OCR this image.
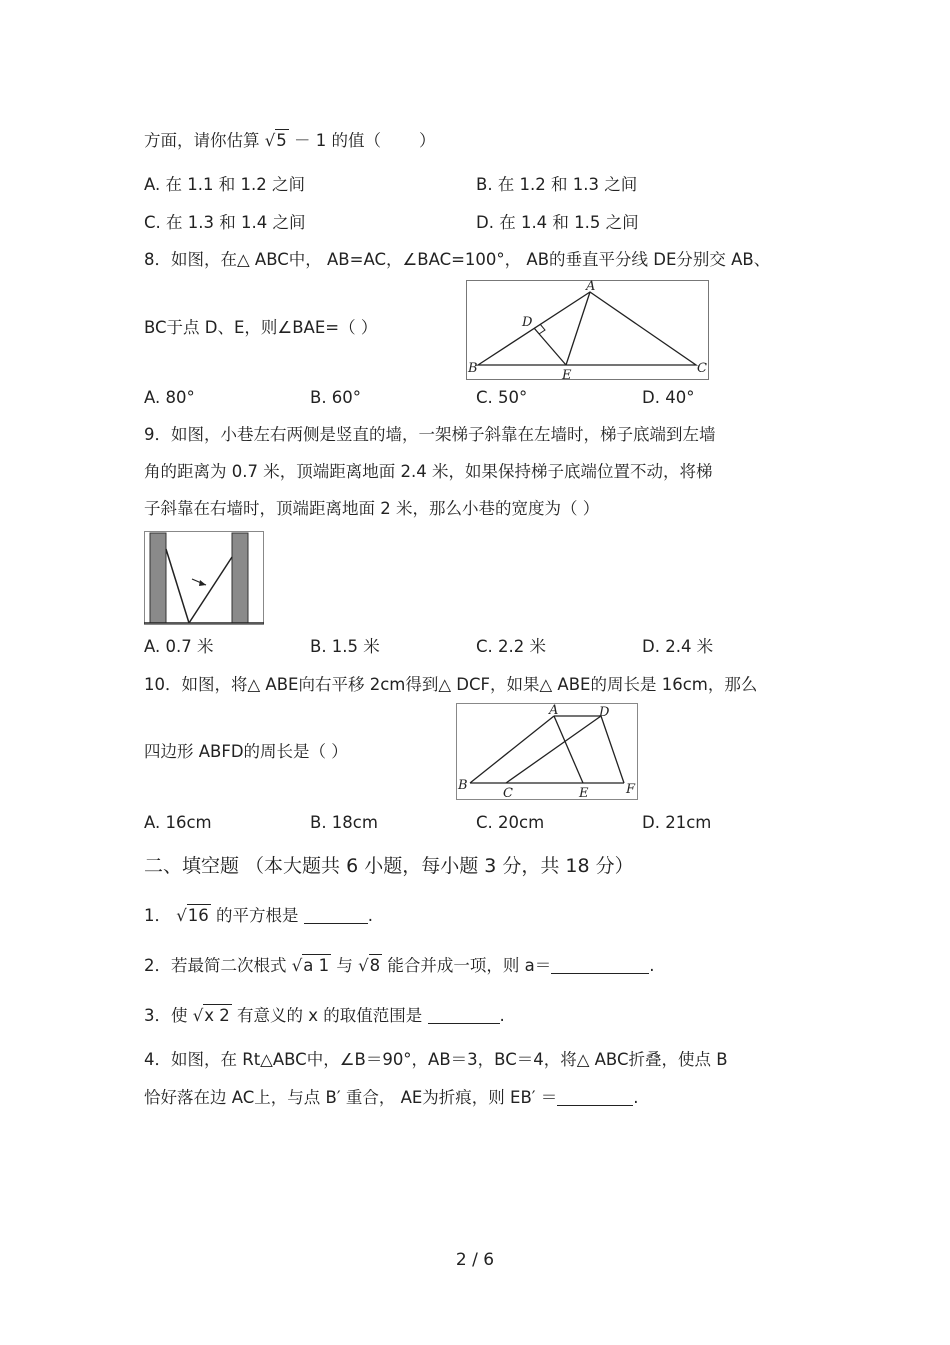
方面，请你估算 √5 － 1 的值（ ）
A. 在 1.1 和 1.2 之间	B. 在 1.2 和 1.3 之间
C. 在 1.3 和 1.4 之间	D. 在 1.4 和 1.5 之间
8．如图，在△ ABC中， AB=AC，∠BAC=100°， AB的垂直平分线 DE分别交 AB、
BC于点 D、E，则∠BAE=（ ）
A
B	C
D
E
A. 80°	B. 60°	C. 50°	D. 40°
9．如图，小巷左右两侧是竖直的墙，一架梯子斜靠在左墙时，梯子底端到左墙
角的距离为 0.7 米，顶端距离地面 2.4 米，如果保持梯子底端位置不动，将梯
子斜靠在右墙时，顶端距离地面 2 米，那么小巷的宽度为（ ）
A. 0.7 米	B. 1.5 米	C. 2.2 米	D. 2.4 米
10．如图，将△ ABE向右平移 2cm得到△ DCF，如果△ ABE的周长是 16cm，那么
四边形 ABFD的周长是（ ）
A
B
C
D
E	F
A. 16cm	B. 18cm	C. 20cm	D. 21cm
二、填空题 （本大题共 6 小题，每小题 3 分，共 18 分）
1． √16 的平方根是	.
2．若最简二次根式 √a 1 与 √8 能合并成一项，则 a＝	.
3．使 √x 2 有意义的 x 的取值范围是	.
4．如图，在 Rt△ABC中，∠B＝90°，AB＝3，BC＝4，将△ ABC折叠，使点 B
恰好落在边 AC上，与点 B′ 重合， AE为折痕，则 EB′ ＝	.
2 / 6
